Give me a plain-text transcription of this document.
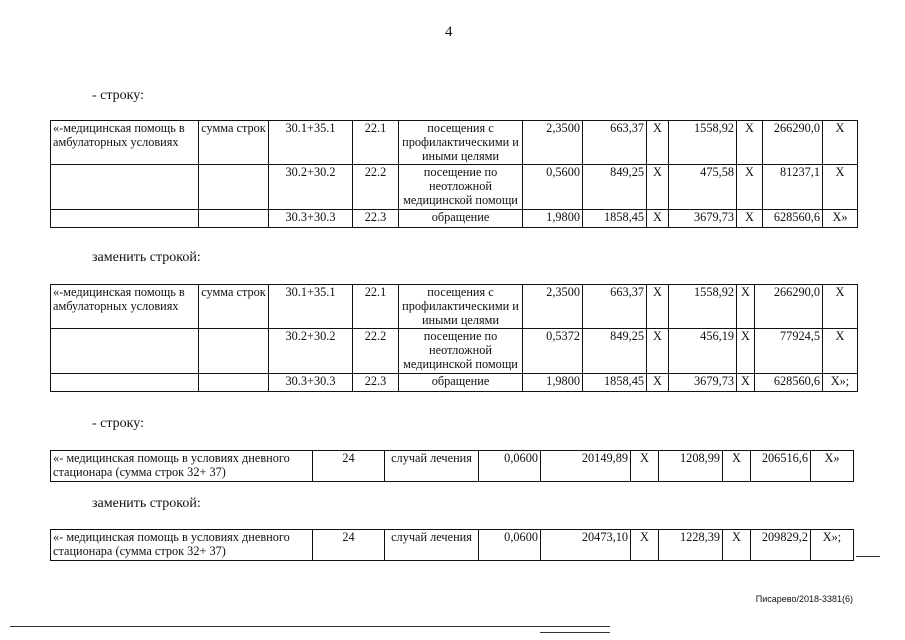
4
- строку:
«-медицинская помощь в амбулаторных условиях	сумма строк	30.1+35.1	22.1	посещения с профилактическими и иными целями	2,3500	663,37	Х	1558,92	Х	266290,0	Х
		30.2+30.2	22.2	посещение по неотложной медицинской помощи	0,5600	849,25	Х	475,58	Х	81237,1	Х
		30.3+30.3	22.3	обращение	1,9800	1858,45	Х	3679,73	Х	628560,6	Х»
заменить строкой:
«-медицинская помощь в амбулаторных условиях	сумма строк	30.1+35.1	22.1	посещения с профилактическими и иными целями	2,3500	663,37	Х	1558,92	Х	266290,0	Х
		30.2+30.2	22.2	посещение по неотложной медицинской помощи	0,5372	849,25	Х	456,19	Х	77924,5	Х
		30.3+30.3	22.3	обращение	1,9800	1858,45	Х	3679,73	Х	628560,6	Х»;
- строку:
«- медицинская помощь в условиях дневного стационара (сумма строк 32+ 37)	24	случай лечения	0,0600	20149,89	Х	1208,99	Х	206516,6	Х»
заменить строкой:
«- медицинская помощь в условиях дневного стационара (сумма строк 32+ 37)	24	случай лечения	0,0600	20473,10	Х	1228,39	Х	209829,2	Х»;
Писарево/2018-3381(6)
